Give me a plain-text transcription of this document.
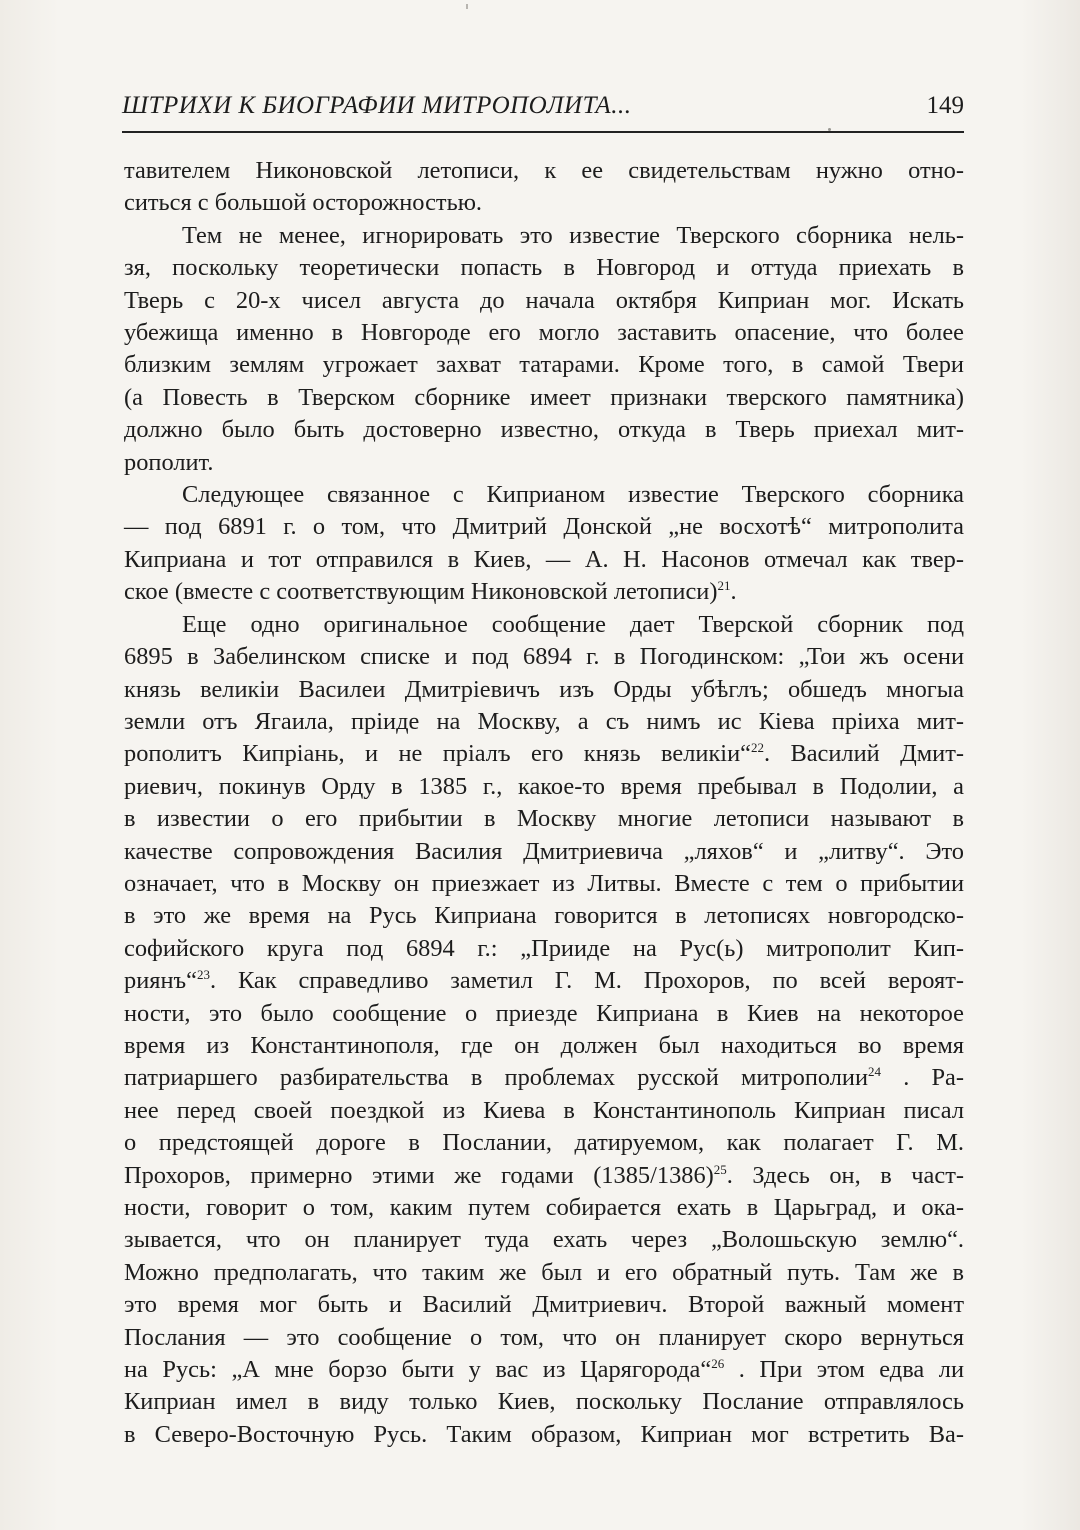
ШТРИХИ К БИОГРАФИИ МИТРОПОЛИТА...	149
тавителем Никоновской летописи, к ее свидетельствам нужно отно-
ситься с большой осторожностью.
Тем не менее, игнорировать это известие Тверского сборника нель-
зя, поскольку теоретически попасть в Новгород и оттуда приехать в
Тверь с 20-х чисел августа до начала октября Киприан мог. Искать
убежища именно в Новгороде его могло заставить опасение, что более
близким землям угрожает захват татарами. Кроме того, в самой Твери
(а Повесть в Тверском сборнике имеет признаки тверского памятника)
должно было быть достоверно известно, откуда в Тверь приехал мит-
рополит.
Следующее связанное с Киприаном известие Тверского сборника
— под 6891 г. о том, что Дмитрий Донской „не восхотѣ“ митрополита
Киприана и тот отправился в Киев, — А. Н. Насонов отмечал как твер-
ское (вместе с соответствующим Никоновской летописи)$^{21}$.
Еще одно оригинальное сообщение дает Тверской сборник под
6895 в Забелинском списке и под 6894 г. в Погодинском: „Тои жъ осени
князь великіи Василеи Дмитріевичъ изъ Орды убѣглъ; обшедъ многыа
земли отъ Ягаила, пріиде на Москву, а съ нимъ ис Кіева пріиха мит-
рополитъ Кипріань, и не пріалъ его князь великіи“$^{22}$. Василий Дмит-
риевич, покинув Орду в 1385 г., какое-то время пребывал в Подолии, а
в известии о его прибытии в Москву многие летописи называют в
качестве сопровождения Василия Дмитриевича „ляхов“ и „литву“. Это
означает, что в Москву он приезжает из Литвы. Вместе с тем о прибытии
в это же время на Русь Киприана говорится в летописях новгородско-
софийского круга под 6894 г.: „Прииде на Рус(ь) митрополит Кип-
риянъ“$^{23}$. Как справедливо заметил Г. М. Прохоров, по всей вероят-
ности, это было сообщение о приезде Киприана в Киев на некоторое
время из Константинополя, где он должен был находиться во время
патриаршего разбирательства в проблемах русской митрополии$^{24}$ . Ра-
нее перед своей поездкой из Киева в Константинополь Киприан писал
о предстоящей дороге в Послании, датируемом, как полагает Г. М.
Прохоров, примерно этими же годами $(1385/1386)^{25}$. Здесь он, в част-
ности, говорит о том, каким путем собирается ехать в Царьград, и ока-
зывается, что он планирует туда ехать через „Волошьскую землю“.
Можно предполагать, что таким же был и его обратный путь. Там же в
это время мог быть и Василий Дмитриевич. Второй важный момент
Послания — это сообщение о том, что он планирует скоро вернуться
на Русь: „А мне борзо быти у вас из Царягорода“$^{26}$ . При этом едва ли
Киприан имел в виду только Киев, поскольку Послание отправлялось
в Северо-Восточную Русь. Таким образом, Киприан мог встретить Ва-
